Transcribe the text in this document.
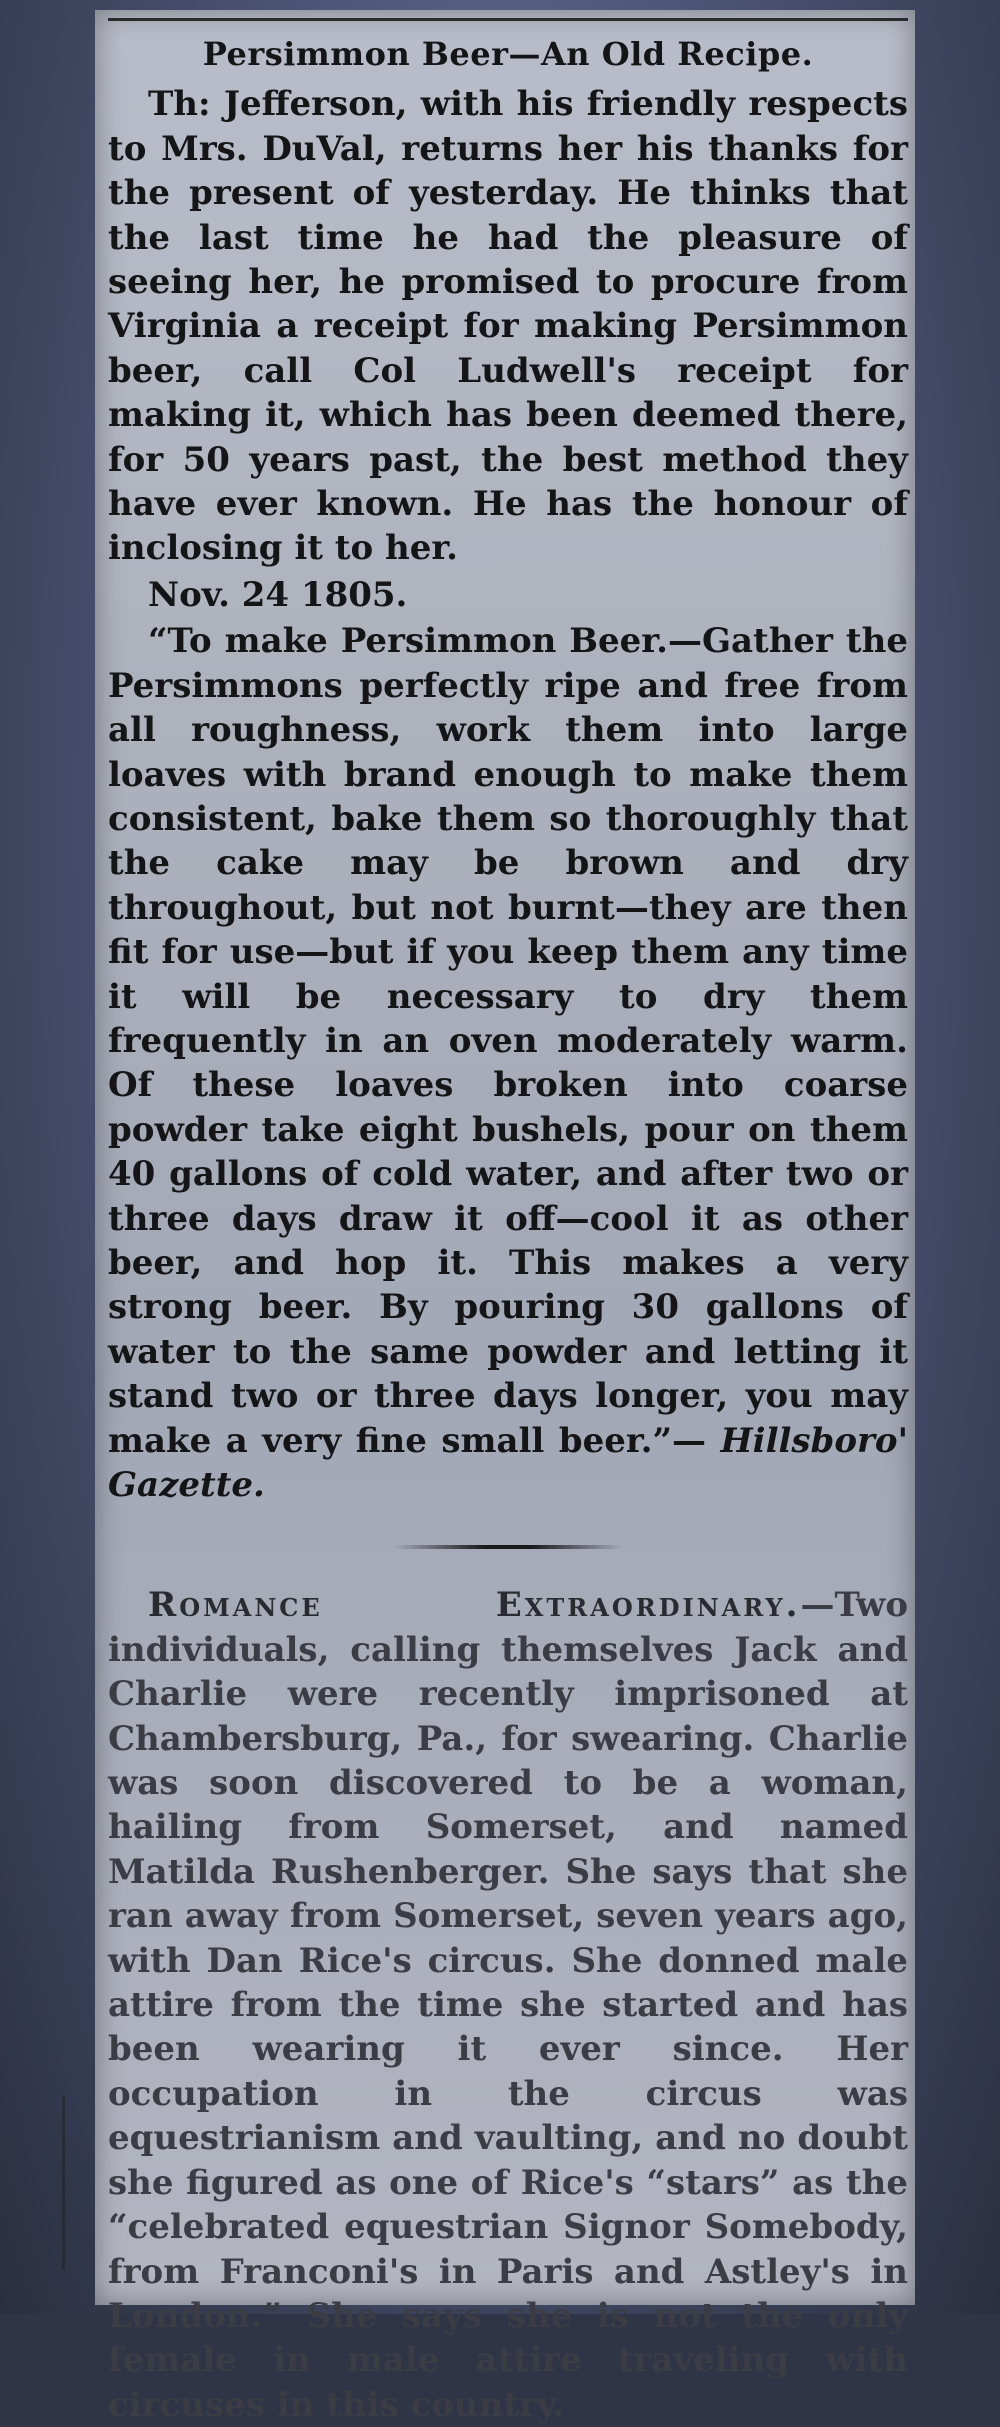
Persimmon Beer—An Old Recipe.

Th: Jefferson, with his friendly respects to Mrs. DuVal, returns her his thanks for the present of yesterday. He thinks that the last time he had the pleasure of seeing her, he promised to procure from Virginia a receipt for making Persimmon beer, call Col Ludwell's receipt for making it, which has been deemed there, for 50 years past, the best method they have ever known. He has the honour of inclosing it to her.

Nov. 24 1805.

“To make Persimmon Beer.—Gather the Persimmons perfectly ripe and free from all roughness, work them into large loaves with brand enough to make them consistent, bake them so thoroughly that the cake may be brown and dry throughout, but not burnt—they are then fit for use—but if you keep them any time it will be necessary to dry them frequently in an oven moderately warm. Of these loaves broken into coarse powder take eight bushels, pour on them 40 gallons of cold water, and after two or three days draw it off—cool it as other beer, and hop it. This makes a very strong beer. By pouring 30 gallons of water to the same powder and letting it stand two or three days longer, you may make a very fine small beer.”— Hillsboro' Gazette.

Romance Extraordinary.—Two individuals, calling themselves Jack and Charlie were recently imprisoned at Chambersburg, Pa., for swearing. Charlie was soon discovered to be a woman, hailing from Somerset, and named Matilda Rushenberger. She says that she ran away from Somerset, seven years ago, with Dan Rice's circus. She donned male attire from the time she started and has been wearing it ever since. Her occupation in the circus was equestrianism and vaulting, and no doubt she figured as one of Rice's “stars” as the “celebrated equestrian Signor Somebody, from Franconi's in Paris and Astley's in London.” She says she is not the only female in male attire traveling with circuses in this country.
